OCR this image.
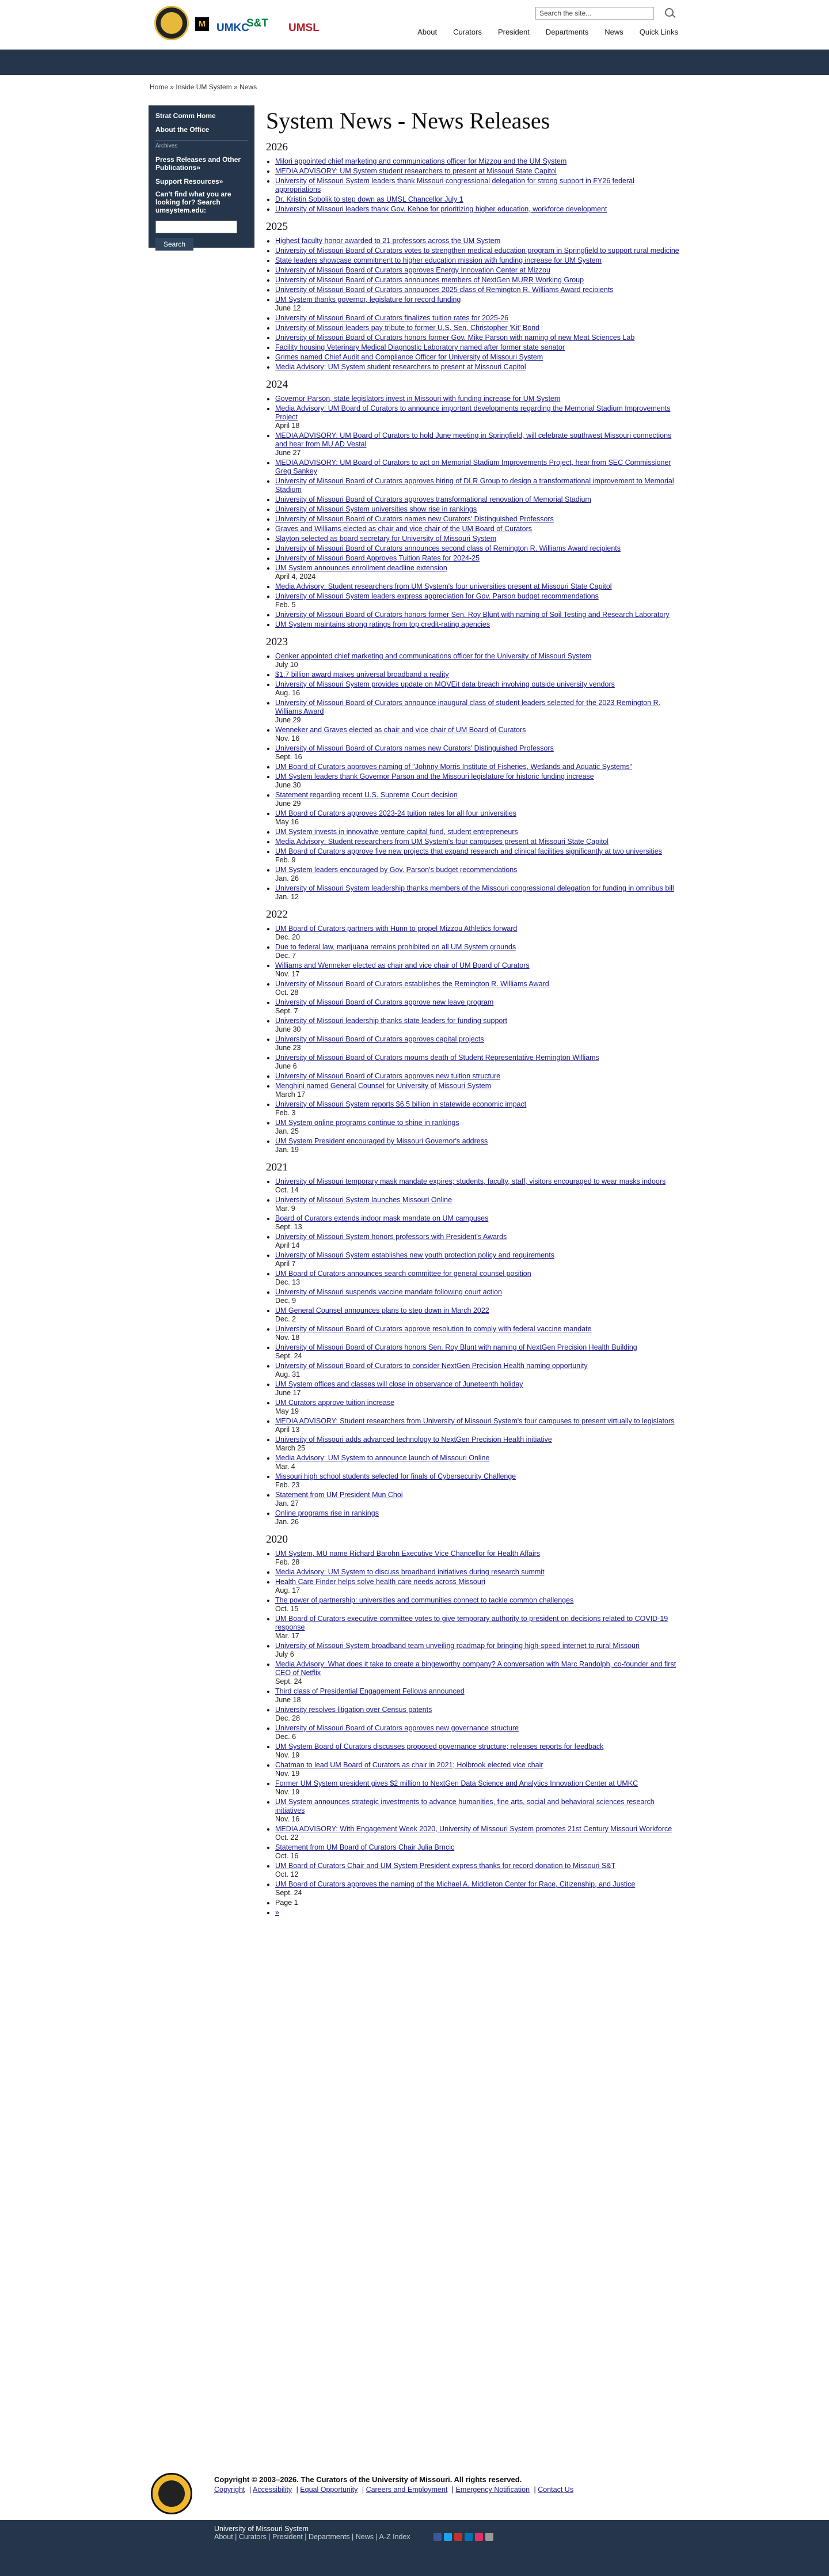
M UMKC
S&T UMSL
Search the site...
About Curators President Departments News Quick Links
Home » Inside UM System » News
Strat Comm Home
About the Office
Archives
Press Releases and Other Publications»
Support Resources»
Can't find what you are looking for? Search umsystem.edu:
Search
System News - News Releases
2026
• Milori appointed chief marketing and communications officer for Mizzou and the UM System
• MEDIA ADVISORY: UM System student researchers to present at Missouri State Capitol
• University of Missouri System leaders thank Missouri congressional delegation for strong support in FY26 federal appropriations
• Dr. Kristin Sobolik to step down as UMSL Chancellor July 1
• University of Missouri leaders thank Gov. Kehoe for prioritizing higher education, workforce development
2025
• Highest faculty honor awarded to 21 professors across the UM System
• University of Missouri Board of Curators votes to strengthen medical education program in Springfield to support rural medicine
• State leaders showcase commitment to higher education mission with funding increase for UM System
• University of Missouri Board of Curators approves Energy Innovation Center at Mizzou
• University of Missouri Board of Curators announces members of NextGen MURR Working Group
• University of Missouri Board of Curators announces 2025 class of Remington R. Williams Award recipients
• UM System thanks governor, legislature for record funding
June 12
• University of Missouri Board of Curators finalizes tuition rates for 2025-26
• University of Missouri leaders pay tribute to former U.S. Sen. Christopher 'Kit' Bond
• University of Missouri Board of Curators honors former Gov. Mike Parson with naming of new Meat Sciences Lab
• Facility housing Veterinary Medical Diagnostic Laboratory named after former state senator
• Grimes named Chief Audit and Compliance Officer for University of Missouri System
• Media Advisory: UM System student researchers to present at Missouri Capitol
2024
• Governor Parson, state legislators invest in Missouri with funding increase for UM System
• Media Advisory: UM Board of Curators to announce important developments regarding the Memorial Stadium Improvements Project
April 18
• MEDIA ADVISORY: UM Board of Curators to hold June meeting in Springfield, will celebrate southwest Missouri connections and hear from MU AD Vestal
June 27
• MEDIA ADVISORY: UM Board of Curators to act on Memorial Stadium Improvements Project, hear from SEC Commissioner Greg Sankey
• University of Missouri Board of Curators approves hiring of DLR Group to design a transformational improvement to Memorial Stadium
• University of Missouri Board of Curators approves transformational renovation of Memorial Stadium
• University of Missouri System universities show rise in rankings
• University of Missouri Board of Curators names new Curators' Distinguished Professors
• Graves and Williams elected as chair and vice chair of the UM Board of Curators
• Slayton selected as board secretary for University of Missouri System
• University of Missouri Board of Curators announces second class of Remington R. Williams Award recipients
• University of Missouri Board Approves Tuition Rates for 2024-25
• UM System announces enrollment deadline extension
April 4, 2024
• Media Advisory: Student researchers from UM System's four universities present at Missouri State Capitol
• University of Missouri System leaders express appreciation for Gov. Parson budget recommendations
Feb. 5
• University of Missouri Board of Curators honors former Sen. Roy Blunt with naming of Soil Testing and Research Laboratory
• UM System maintains strong ratings from top credit-rating agencies
2023
• Oenker appointed chief marketing and communications officer for the University of Missouri System
July 10
• $1.7 billion award makes universal broadband a reality
• University of Missouri System provides update on MOVEit data breach involving outside university vendors
Aug. 16
• University of Missouri Board of Curators announce inaugural class of student leaders selected for the 2023 Remington R. Williams Award
June 29
• Wenneker and Graves elected as chair and vice chair of UM Board of Curators
Nov. 16
• University of Missouri Board of Curators names new Curators' Distinguished Professors
Sept. 16
• UM Board of Curators approves naming of "Johnny Morris Institute of Fisheries, Wetlands and Aquatic Systems"
• UM System leaders thank Governor Parson and the Missouri legislature for historic funding increase
June 30
• Statement regarding recent U.S. Supreme Court decision
June 29
• UM Board of Curators approves 2023-24 tuition rates for all four universities
May 16
• UM System invests in innovative venture capital fund, student entrepreneurs
• Media Advisory: Student researchers from UM System's four campuses present at Missouri State Capitol
• UM Board of Curators approve five new projects that expand research and clinical facilities significantly at two universities
Feb. 9
• UM System leaders encouraged by Gov. Parson's budget recommendations
Jan. 26
• University of Missouri System leadership thanks members of the Missouri congressional delegation for funding in omnibus bill
Jan. 12
2022
• UM Board of Curators partners with Hunn to propel Mizzou Athletics forward
Dec. 20
• Due to federal law, marijuana remains prohibited on all UM System grounds
Dec. 7
• Williams and Wenneker elected as chair and vice chair of UM Board of Curators
Nov. 17
• University of Missouri Board of Curators establishes the Remington R. Williams Award
Oct. 28
• University of Missouri Board of Curators approve new leave program
Sept. 7
• University of Missouri leadership thanks state leaders for funding support
June 30
• University of Missouri Board of Curators approves capital projects
June 23
• University of Missouri Board of Curators mourns death of Student Representative Remington Williams
June 6
• University of Missouri Board of Curators approves new tuition structure
• Menghini named General Counsel for University of Missouri System
March 17
• University of Missouri System reports $6.5 billion in statewide economic impact
Feb. 3
• UM System online programs continue to shine in rankings
Jan. 25
• UM System President encouraged by Missouri Governor's address
Jan. 19
2021
• University of Missouri temporary mask mandate expires; students, faculty, staff, visitors encouraged to wear masks indoors
Oct. 14
• University of Missouri System launches Missouri Online
Mar. 9
• Board of Curators extends indoor mask mandate on UM campuses
Sept. 13
• University of Missouri System honors professors with President's Awards
April 14
• University of Missouri System establishes new youth protection policy and requirements
April 7
• UM Board of Curators announces search committee for general counsel position
Dec. 13
• University of Missouri suspends vaccine mandate following court action
Dec. 9
• UM General Counsel announces plans to step down in March 2022
Dec. 2
• University of Missouri Board of Curators approve resolution to comply with federal vaccine mandate
Nov. 18
• University of Missouri Board of Curators honors Sen. Roy Blunt with naming of NextGen Precision Health Building
Sept. 24
• University of Missouri Board of Curators to consider NextGen Precision Health naming opportunity
Aug. 31
• UM System offices and classes will close in observance of Juneteenth holiday
June 17
• UM Curators approve tuition increase
May 19
• MEDIA ADVISORY: Student researchers from University of Missouri System's four campuses to present virtually to legislators
April 13
• University of Missouri adds advanced technology to NextGen Precision Health initiative
March 25
• Media Advisory: UM System to announce launch of Missouri Online
Mar. 4
• Missouri high school students selected for finals of Cybersecurity Challenge
Feb. 23
• Statement from UM President Mun Choi
Jan. 27
• Online programs rise in rankings
Jan. 26
2020
• UM System, MU name Richard Barohn Executive Vice Chancellor for Health Affairs
Feb. 28
• Media Advisory: UM System to discuss broadband initiatives during research summit
• Health Care Finder helps solve health care needs across Missouri
Aug. 17
• The power of partnership: universities and communities connect to tackle common challenges
Oct. 15
• UM Board of Curators executive committee votes to give temporary authority to president on decisions related to COVID-19 response
Mar. 17
• University of Missouri System broadband team unveiling roadmap for bringing high-speed internet to rural Missouri
July 6
• Media Advisory: What does it take to create a bingeworthy company? A conversation with Marc Randolph, co-founder and first CEO of Netflix
Sept. 24
• Third class of Presidential Engagement Fellows announced
June 18
• University resolves litigation over Census patents
Dec. 28
• University of Missouri Board of Curators approves new governance structure
Dec. 6
• UM System Board of Curators discusses proposed governance structure; releases reports for feedback
Nov. 19
• Chatman to lead UM Board of Curators as chair in 2021; Holbrook elected vice chair
Nov. 19
• Former UM System president gives $2 million to NextGen Data Science and Analytics Innovation Center at UMKC
Nov. 19
• UM System announces strategic investments to advance humanities, fine arts, social and behavioral sciences research initiatives
Nov. 16
• MEDIA ADVISORY: With Engagement Week 2020, University of Missouri System promotes 21st Century Missouri Workforce
Oct. 22
• Statement from UM Board of Curators Chair Julia Brncic
Oct. 16
• UM Board of Curators Chair and UM System President express thanks for record donation to Missouri S&T
Oct. 12
• UM Board of Curators approves the naming of the Michael A. Middleton Center for Race, Citizenship, and Justice
Sept. 24
• Page 1
• »
Copyright © 2003–2026. The Curators of the University of Missouri. All rights reserved.
Copyright | Accessibility | Equal Opportunity | Careers and Employment | Emergency Notification | Contact Us
University of Missouri System
About | Curators | President | Departments | News | A-Z Index
